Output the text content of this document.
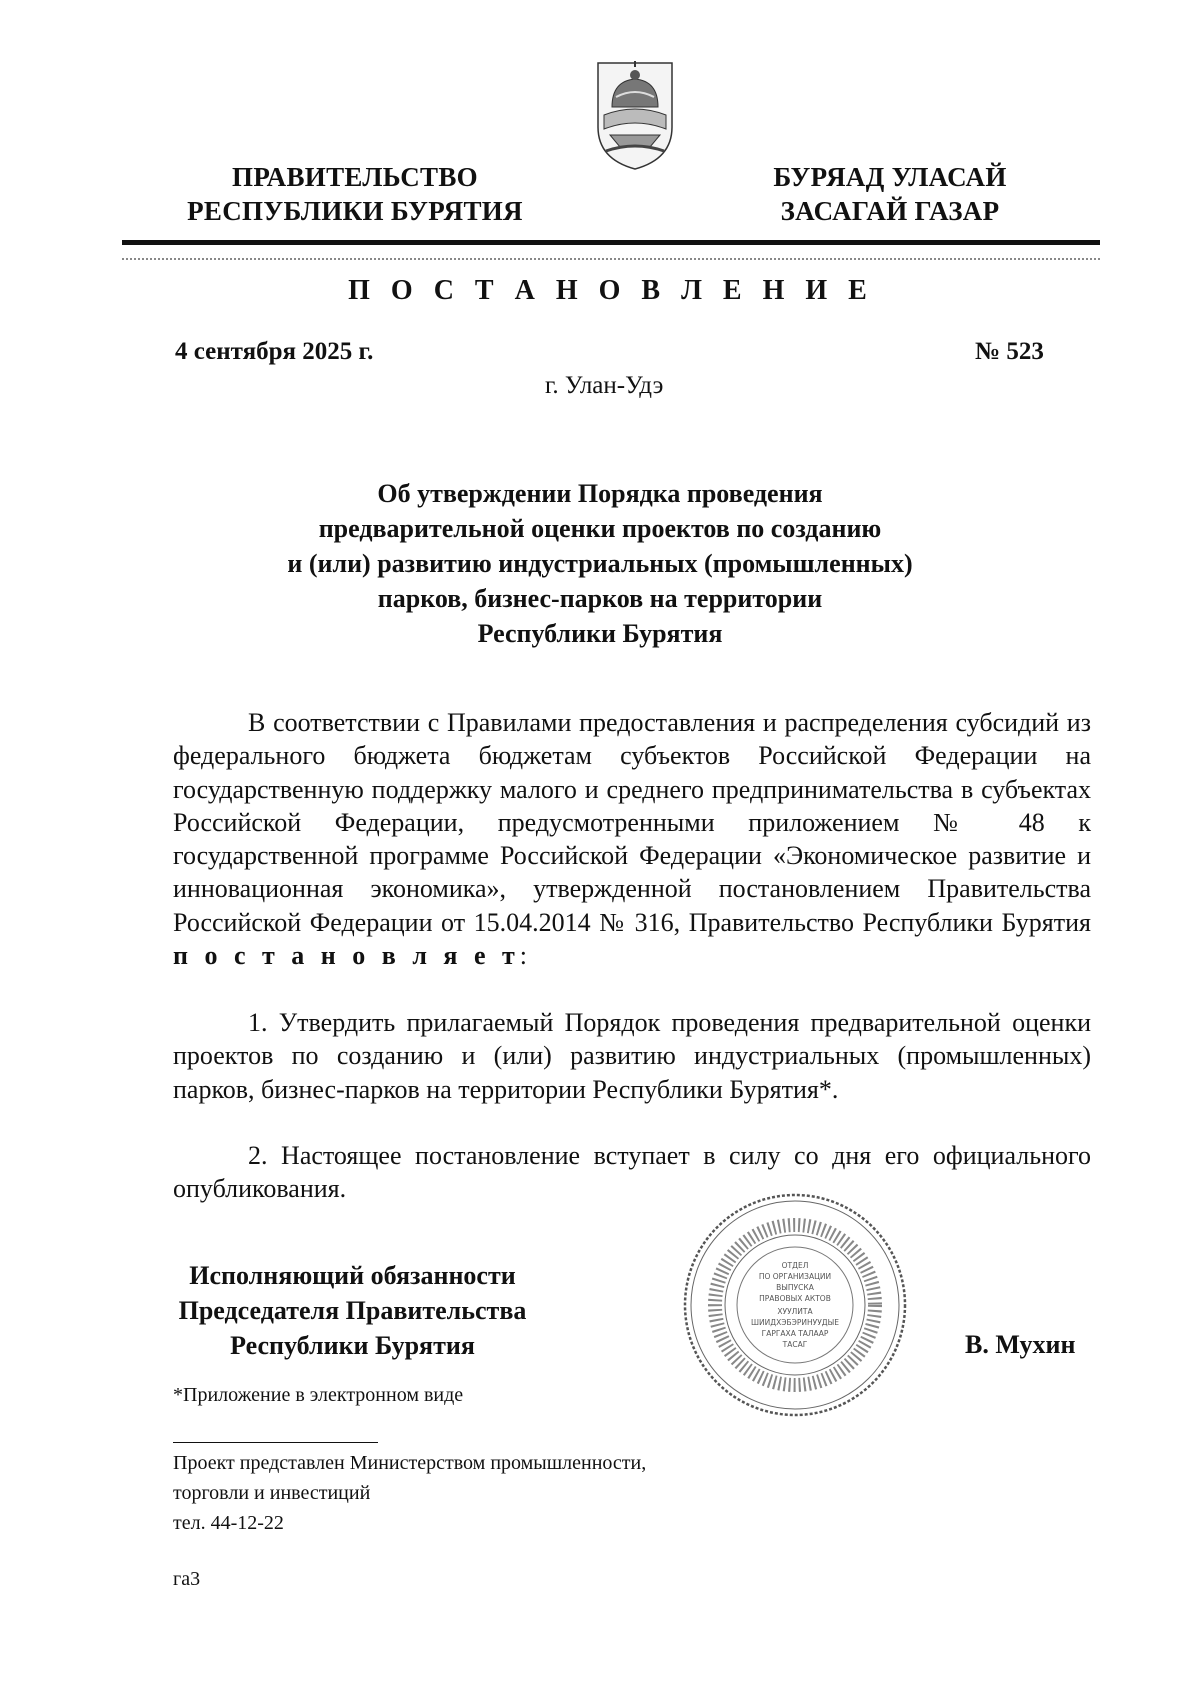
ПРАВИТЕЛЬСТВО
РЕСПУБЛИКИ БУРЯТИЯ
БУРЯАД УЛАСАЙ
ЗАСАГАЙ ГАЗАР
П О С Т А Н О В Л Е Н И Е
4 сентября 2025 г.	№ 523
г. Улан-Удэ
Об утверждении Порядка проведения
предварительной оценки проектов по созданию
и (или) развитию индустриальных (промышленных)
парков, бизнес-парков на территории
Республики Бурятия
В соответствии с Правилами предоставления и распределения субсидий из федерального бюджета бюджетам субъектов Российской Федерации на государственную поддержку малого и среднего предпринимательства в субъектах Российской Федерации, предусмотренными приложением № 48 к государственной программе Российской Федерации «Экономическое развитие и инновационная экономика», утвержденной постановлением Правительства Российской Федерации от 15.04.2014 № 316, Правительство Республики Бурятия п о с т а н о в л я е т:
1. Утвердить прилагаемый Порядок проведения предварительной оценки проектов по созданию и (или) развитию индустриальных (промышленных) парков, бизнес-парков на территории Республики Бурятия*.
2. Настоящее постановление вступает в силу со дня его официального опубликования.
Исполняющий обязанности
Председателя Правительства
Республики Бурятия
ОТДЕЛ
ПО ОРГАНИЗАЦИИ
ВЫПУСКА
ПРАВОВЫХ АКТОВ
ХУУЛИТА
ШИИДХЭБЭРИНУУДЫЕ
ГАРГАХА ТАЛААР
ТАСАГ	В. Мухин
*Приложение в электронном виде
Проект представлен Министерством промышленности,
торговли и инвестиций
тел. 44-12-22
га3
